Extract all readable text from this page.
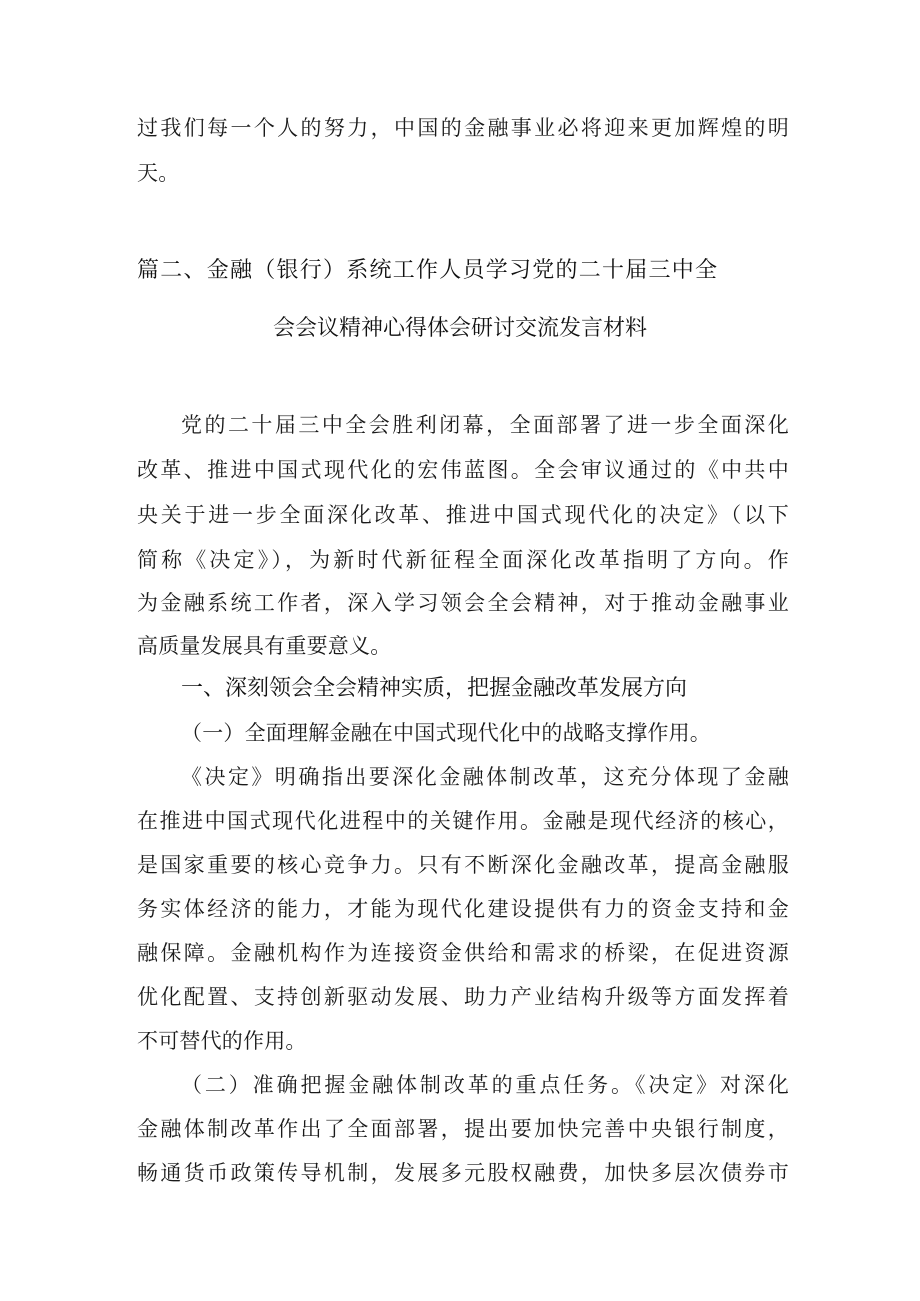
过我们每一个人的努力，中国的金融事业必将迎来更加辉煌的明
天。
篇二、金融（银行）系统工作人员学习党的二十届三中全
会会议精神心得体会研讨交流发言材料
党的二十届三中全会胜利闭幕，全面部署了进一步全面深化
改革、推进中国式现代化的宏伟蓝图。全会审议通过的《中共中
央关于进一步全面深化改革、推进中国式现代化的决定》（以下
简称《决定》），为新时代新征程全面深化改革指明了方向。作
为金融系统工作者，深入学习领会全会精神，对于推动金融事业
高质量发展具有重要意义。
一、深刻领会全会精神实质，把握金融改革发展方向
（一）全面理解金融在中国式现代化中的战略支撑作用。
《决定》明确指出要深化金融体制改革，这充分体现了金融
在推进中国式现代化进程中的关键作用。金融是现代经济的核心，
是国家重要的核心竞争力。只有不断深化金融改革，提高金融服
务实体经济的能力，才能为现代化建设提供有力的资金支持和金
融保障。金融机构作为连接资金供给和需求的桥梁，在促进资源
优化配置、支持创新驱动发展、助力产业结构升级等方面发挥着
不可替代的作用。
（二）准确把握金融体制改革的重点任务。《决定》对深化
金融体制改革作出了全面部署，提出要加快完善中央银行制度，
畅通货币政策传导机制，发展多元股权融费，加快多层次债券市
